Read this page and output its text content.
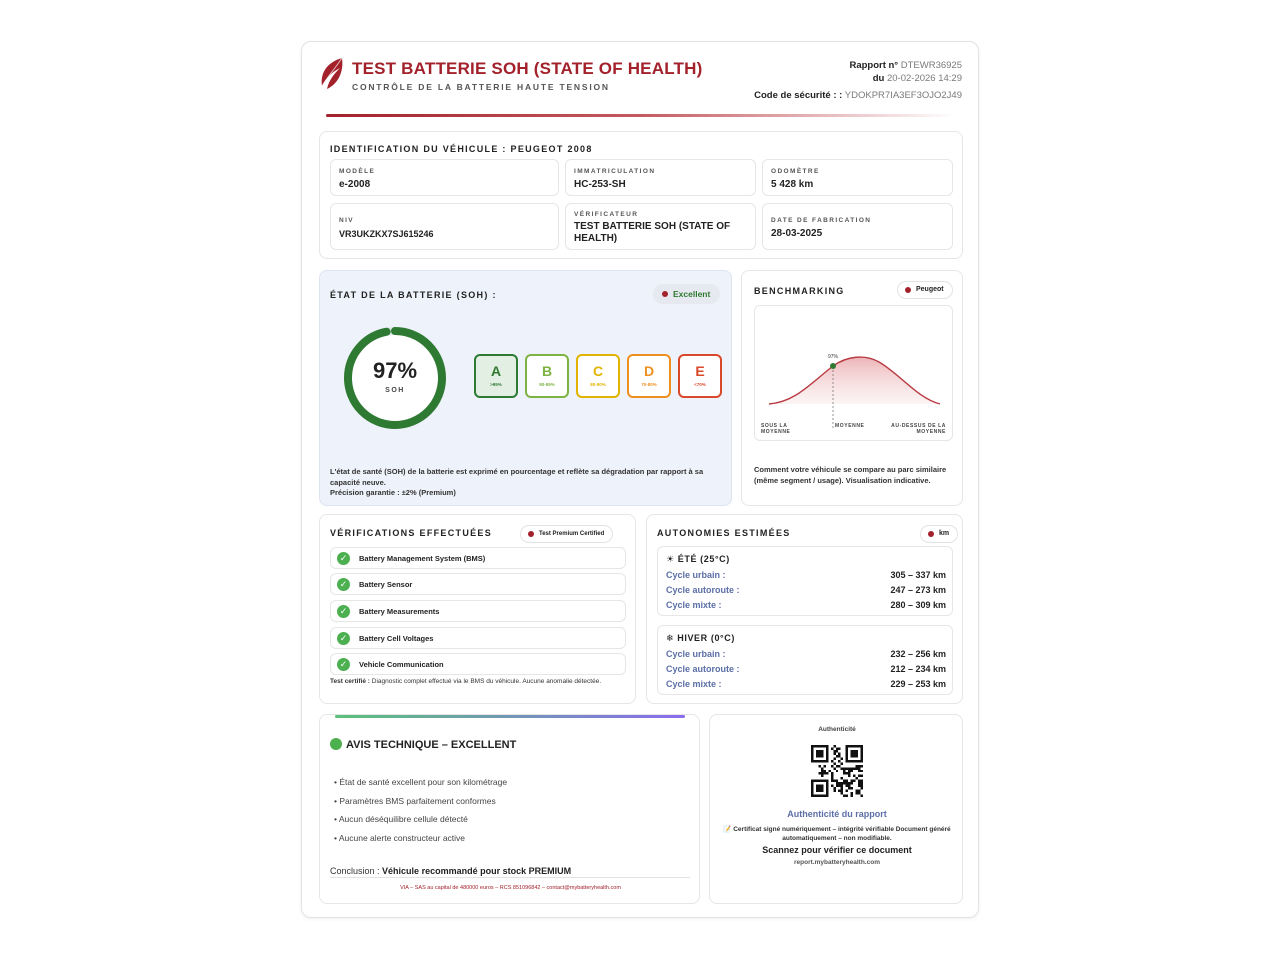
TEST BATTERIE SOH (STATE OF HEALTH)
CONTRÔLE DE LA BATTERIE HAUTE TENSION
Rapport n° DTEWR36925
du 20-02-2026 14:29
Code de sécurité : : YDOKPR7IA3EF3OJO2J49
IDENTIFICATION DU VÉHICULE : PEUGEOT 2008
MODÈLE
e-2008
IMMATRICULATION
HC-253-SH
ODOMÈTRE
5 428 km
NIV
VR3UKZKX7SJ615246
VÉRIFICATEUR
TEST BATTERIE SOH (STATE OF HEALTH)
DATE DE FABRICATION
28-03-2025
ÉTAT DE LA BATTERIE (SOH) :	Excellent
97%
SOH
A
>95%
B
90-95%
C
80-90%
D
70-80%
E
<70%
L'état de santé (SOH) de la batterie est exprimé en pourcentage et reflète sa dégradation par rapport à sa capacité neuve.
Précision garantie : ±2% (Premium)
BENCHMARKING	Peugeot
97%
SOUS LA MOYENNE
MOYENNE	AU-DESSUS DE LA MOYENNE
Comment votre véhicule se compare au parc similaire (même segment / usage). Visualisation indicative.
VÉRIFICATIONS EFFECTUÉES	Test Premium Certified
✓	Battery Management System (BMS)
✓	Battery Sensor
✓	Battery Measurements
✓	Battery Cell Voltages
✓	Vehicle Communication
Test certifié : Diagnostic complet effectué via le BMS du véhicule. Aucune anomalie détectée.
AUTONOMIES ESTIMÉES	km
☀ ÉTÉ (25°C)
Cycle urbain :	305 – 337 km
Cycle autoroute :	247 – 273 km
Cycle mixte :	280 – 309 km
❄ HIVER (0°C)
Cycle urbain :	232 – 256 km
Cycle autoroute :	212 – 234 km
Cycle mixte :	229 – 253 km
AVIS TECHNIQUE – EXCELLENT
• État de santé excellent pour son kilométrage
• Paramètres BMS parfaitement conformes
• Aucun déséquilibre cellule détecté
• Aucune alerte constructeur active
Conclusion : Véhicule recommandé pour stock PREMIUM
VIA – SAS au capital de 480000 euros – RCS 851096842 – contact@mybatteryhealth.com
Authenticité
Authenticité du rapport
📝 Certificat signé numériquement – intégrité vérifiable Document généré automatiquement – non modifiable.
Scannez pour vérifier ce document
report.mybatteryhealth.com
